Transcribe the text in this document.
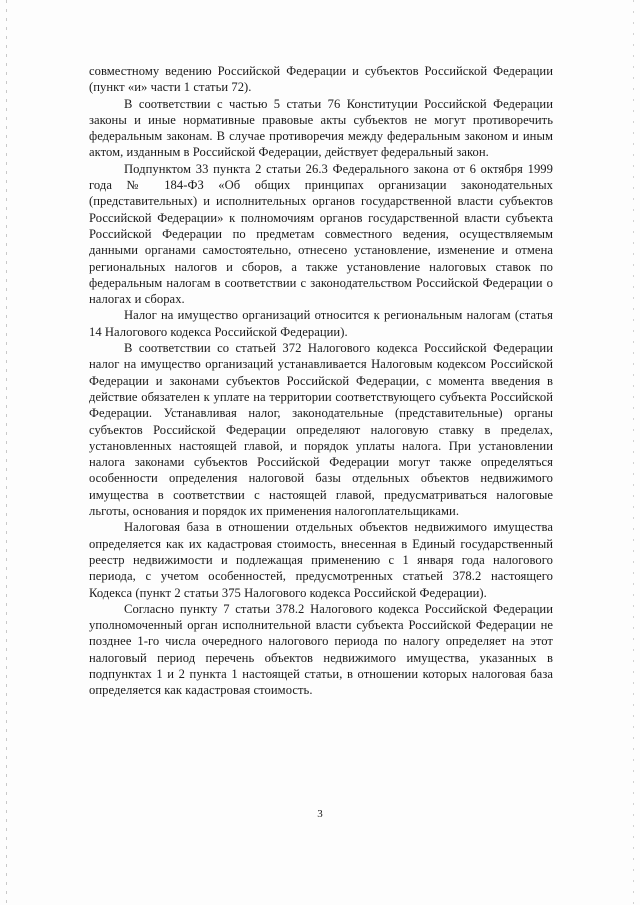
совместному ведению Российской Федерации и субъектов Российской Федерации (пункт «и» части 1 статьи 72).

В соответствии с частью 5 статьи 76 Конституции Российской Федерации законы и иные нормативные правовые акты субъектов не могут противоречить федеральным законам. В случае противоречия между федеральным законом и иным актом, изданным в Российской Федерации, действует федеральный закон.

Подпунктом 33 пункта 2 статьи 26.3 Федерального закона от 6 октября 1999 года № 184-ФЗ «Об общих принципах организации законодательных (представительных) и исполнительных органов государственной власти субъектов Российской Федерации» к полномочиям органов государственной власти субъекта Российской Федерации по предметам совместного ведения, осуществляемым данными органами самостоятельно, отнесено установление, изменение и отмена региональных налогов и сборов, а также установление налоговых ставок по федеральным налогам в соответствии с законодательством Российской Федерации о налогах и сборах.

Налог на имущество организаций относится к региональным налогам (статья 14 Налогового кодекса Российской Федерации).

В соответствии со статьей 372 Налогового кодекса Российской Федерации налог на имущество организаций устанавливается Налоговым кодексом Российской Федерации и законами субъектов Российской Федерации, с момента введения в действие обязателен к уплате на территории соответствующего субъекта Российской Федерации. Устанавливая налог, законодательные (представительные) органы субъектов Российской Федерации определяют налоговую ставку в пределах, установленных настоящей главой, и порядок уплаты налога. При установлении налога законами субъектов Российской Федерации могут также определяться особенности определения налоговой базы отдельных объектов недвижимого имущества в соответствии с настоящей главой, предусматриваться налоговые льготы, основания и порядок их применения налогоплательщиками.

Налоговая база в отношении отдельных объектов недвижимого имущества определяется как их кадастровая стоимость, внесенная в Единый государственный реестр недвижимости и подлежащая применению с 1 января года налогового периода, с учетом особенностей, предусмотренных статьей 378.2 настоящего Кодекса (пункт 2 статьи 375 Налогового кодекса Российской Федерации).

Согласно пункту 7 статьи 378.2 Налогового кодекса Российской Федерации уполномоченный орган исполнительной власти субъекта Российской Федерации не позднее 1-го числа очередного налогового периода по налогу определяет на этот налоговый период перечень объектов недвижимого имущества, указанных в подпунктах 1 и 2 пункта 1 настоящей статьи, в отношении которых налоговая база определяется как кадастровая стоимость.

3
